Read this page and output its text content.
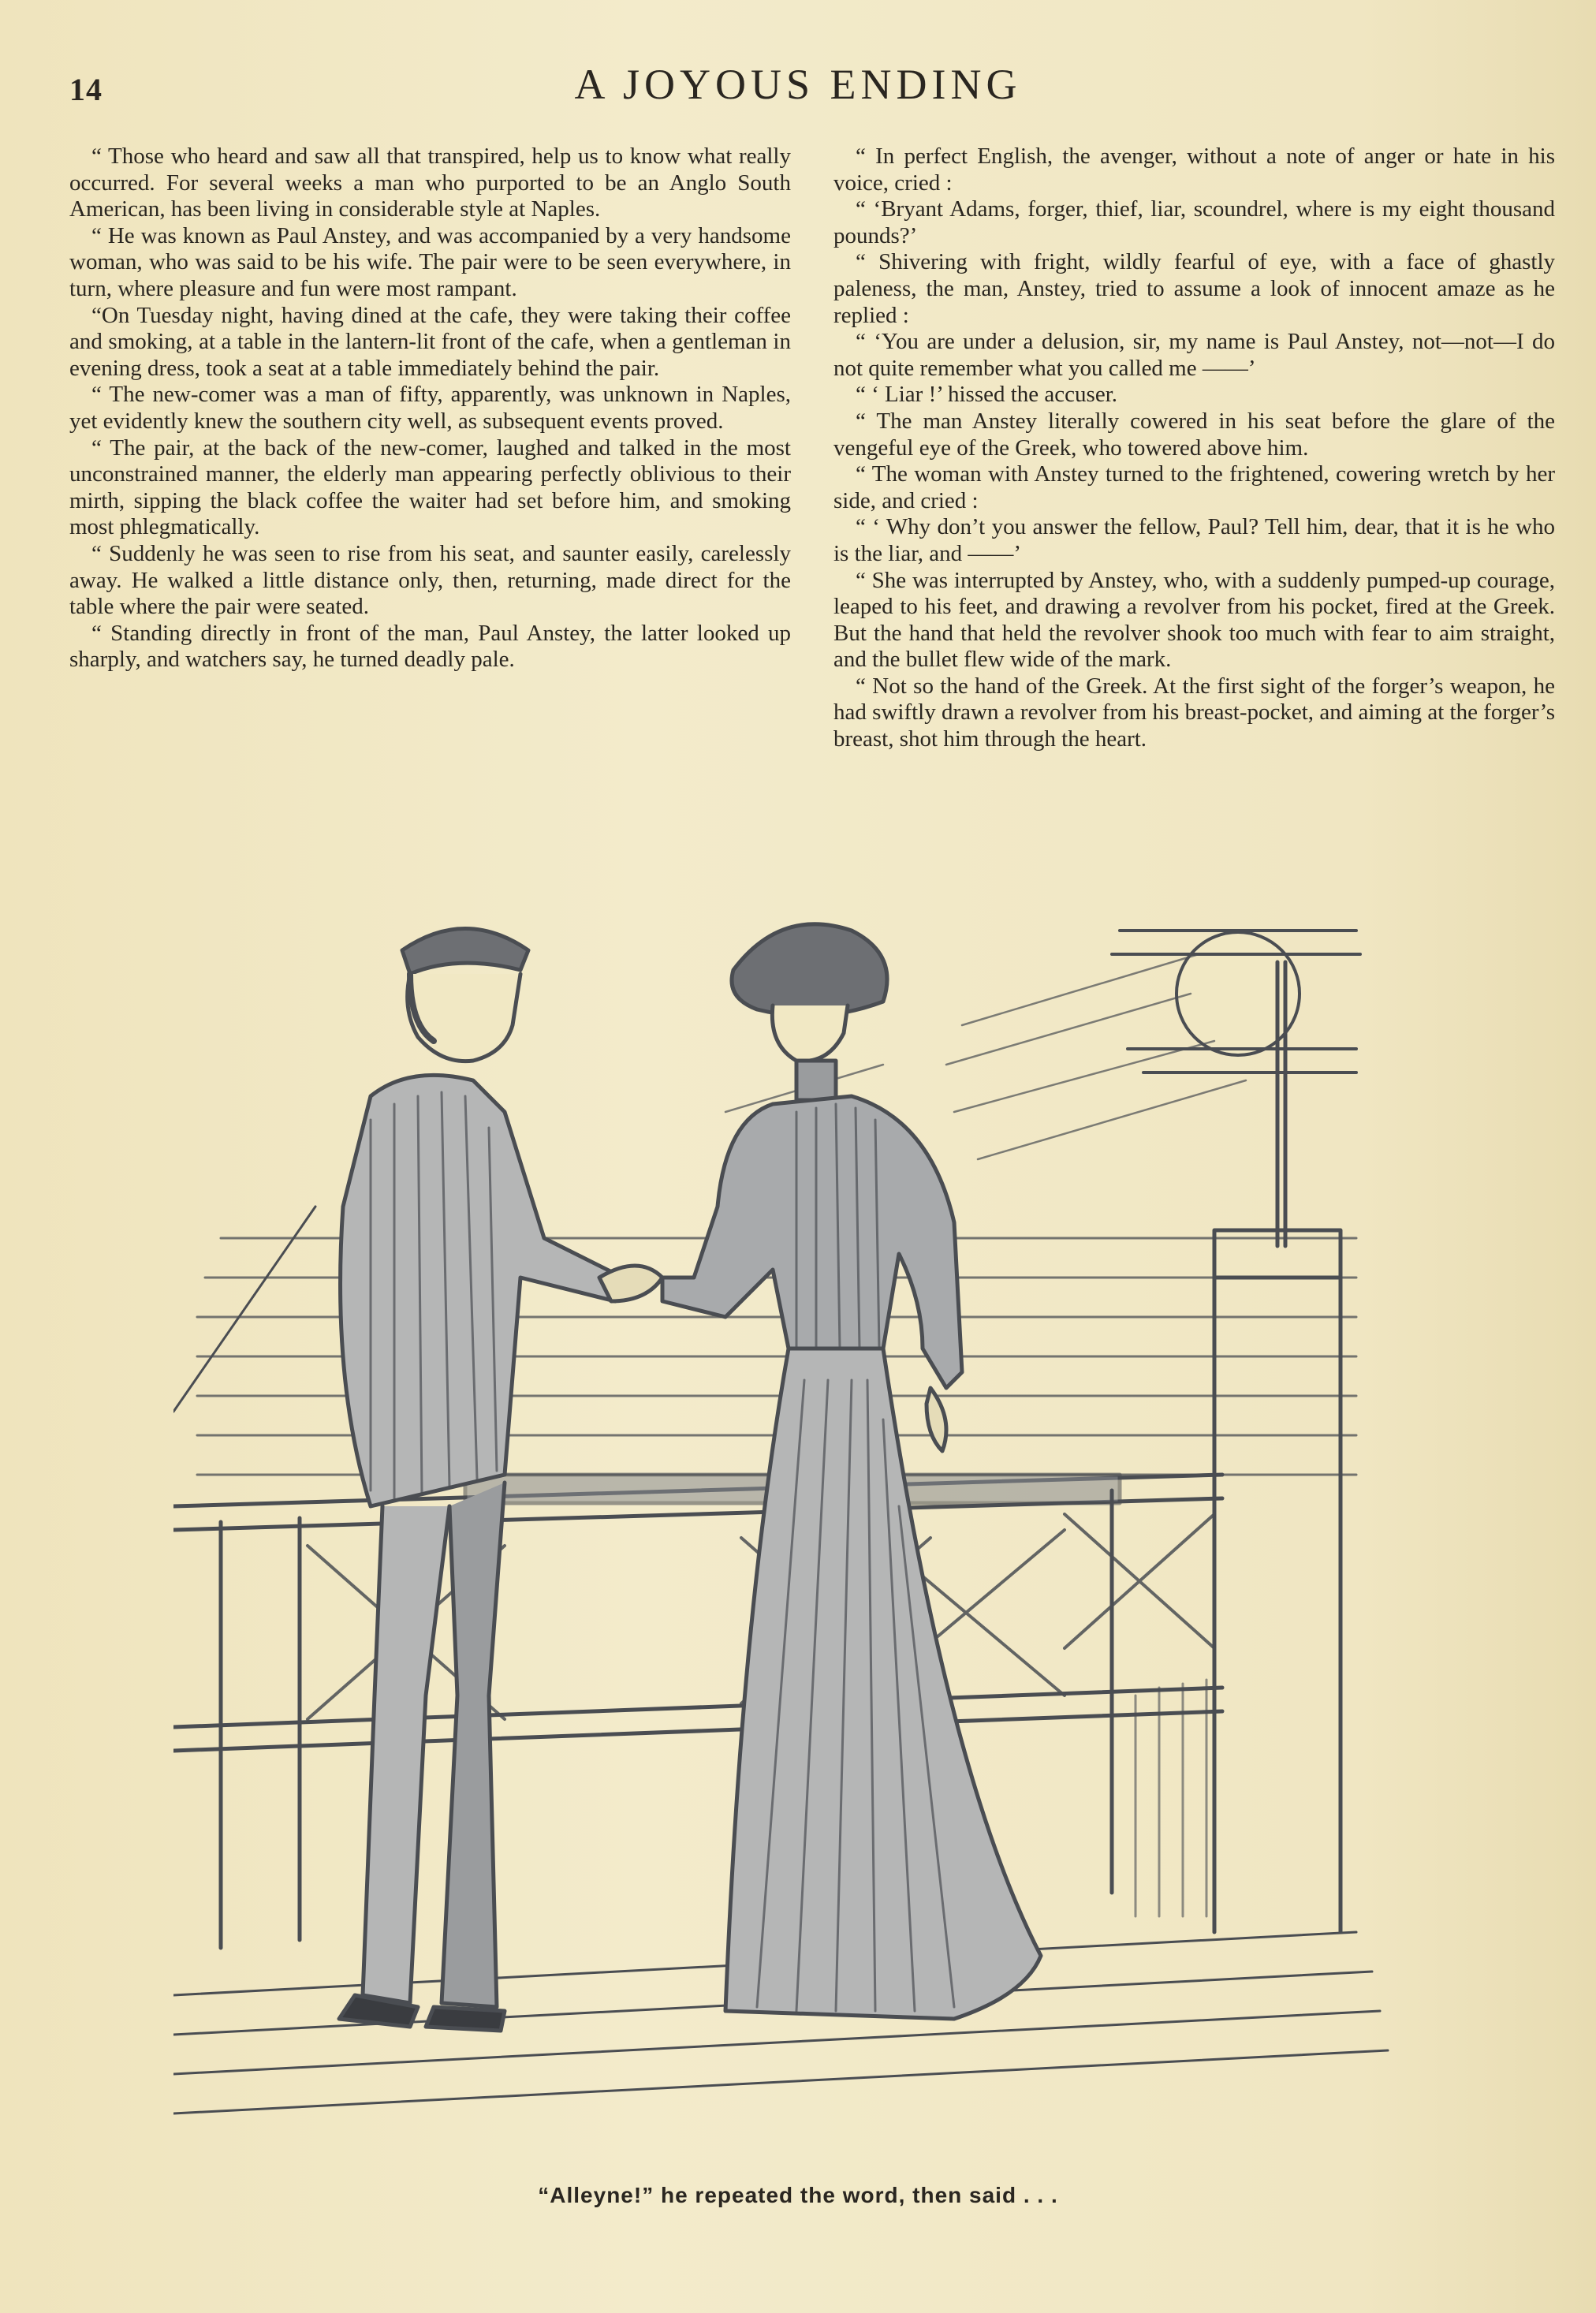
14	A JOYOUS ENDING

“ Those who heard and saw all that transpired, help us to know what really occurred. For several weeks a man who purported to be an Anglo South American, has been living in considerable style at Naples.

“ He was known as Paul Anstey, and was accompanied by a very handsome woman, who was said to be his wife. The pair were to be seen everywhere, in turn, where pleasure and fun were most rampant.

“On Tuesday night, having dined at the cafe, they were taking their coffee and smoking, at a table in the lantern-lit front of the cafe, when a gentleman in evening dress, took a seat at a table immediately behind the pair.

“ The new-comer was a man of fifty, apparently, was unknown in Naples, yet evidently knew the southern city well, as subsequent events proved.

“ The pair, at the back of the new-comer, laughed and talked in the most unconstrained manner, the elderly man appearing perfectly oblivious to their mirth, sipping the black coffee the waiter had set before him, and smoking most phlegmatically.

“ Suddenly he was seen to rise from his seat, and saunter easily, carelessly away. He walked a little distance only, then, returning, made direct for the table where the pair were seated.

“ Standing directly in front of the man, Paul Anstey, the latter looked up sharply, and watchers say, he turned deadly pale.

“ In perfect English, the avenger, without a note of anger or hate in his voice, cried :

“ ‘Bryant Adams, forger, thief, liar, scoundrel, where is my eight thousand pounds?’

“ Shivering with fright, wildly fearful of eye, with a face of ghastly paleness, the man, Anstey, tried to assume a look of innocent amaze as he replied :

“ ‘You are under a delusion, sir, my name is Paul Anstey, not—not—I do not quite remember what you called me ——’

“ ‘ Liar !’ hissed the accuser.

“ The man Anstey literally cowered in his seat before the glare of the vengeful eye of the Greek, who towered above him.

“ The woman with Anstey turned to the frightened, cowering wretch by her side, and cried :

“ ‘ Why don’t you answer the fellow, Paul? Tell him, dear, that it is he who is the liar, and ——’

“ She was interrupted by Anstey, who, with a suddenly pumped-up courage, leaped to his feet, and drawing a revolver from his pocket, fired at the Greek. But the hand that held the revolver shook too much with fear to aim straight, and the bullet flew wide of the mark.

“ Not so the hand of the Greek. At the first sight of the forger’s weapon, he had swiftly drawn a revolver from his breast-pocket, and aiming at the forger’s breast, shot him through the heart.

“Alleyne!” he repeated the word, then said . . .
